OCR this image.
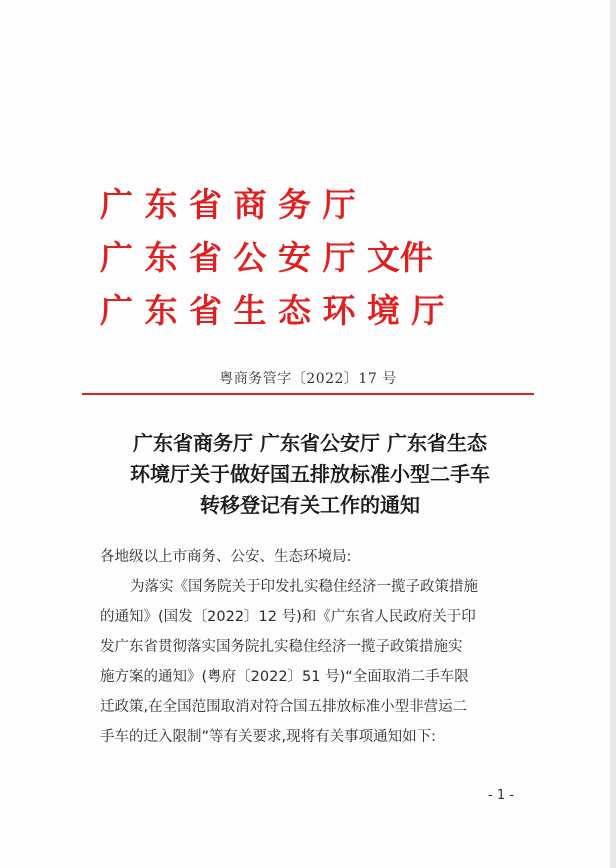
广 东 省 商 务 厅
广 东 省 公 安 厅 文件
广 东 省 生 态 环 境 厅
粤商务管字〔2022〕17 号
广东省商务厅 广东省公安厅 广东省生态
环境厅关于做好国五排放标准小型二手车
转移登记有关工作的通知
各地级以上市商务、公安、生态环境局:
为落实《国务院关于印发扎实稳住经济一揽子政策措施
的通知》(国发〔2022〕12 号)和《广东省人民政府关于印
发广东省贯彻落实国务院扎实稳住经济一揽子政策措施实
施方案的通知》(粤府〔2022〕51 号)“全面取消二手车限
迁政策,在全国范围取消对符合国五排放标准小型非营运二
手车的迁入限制”等有关要求,现将有关事项通知如下:
- 1 -
